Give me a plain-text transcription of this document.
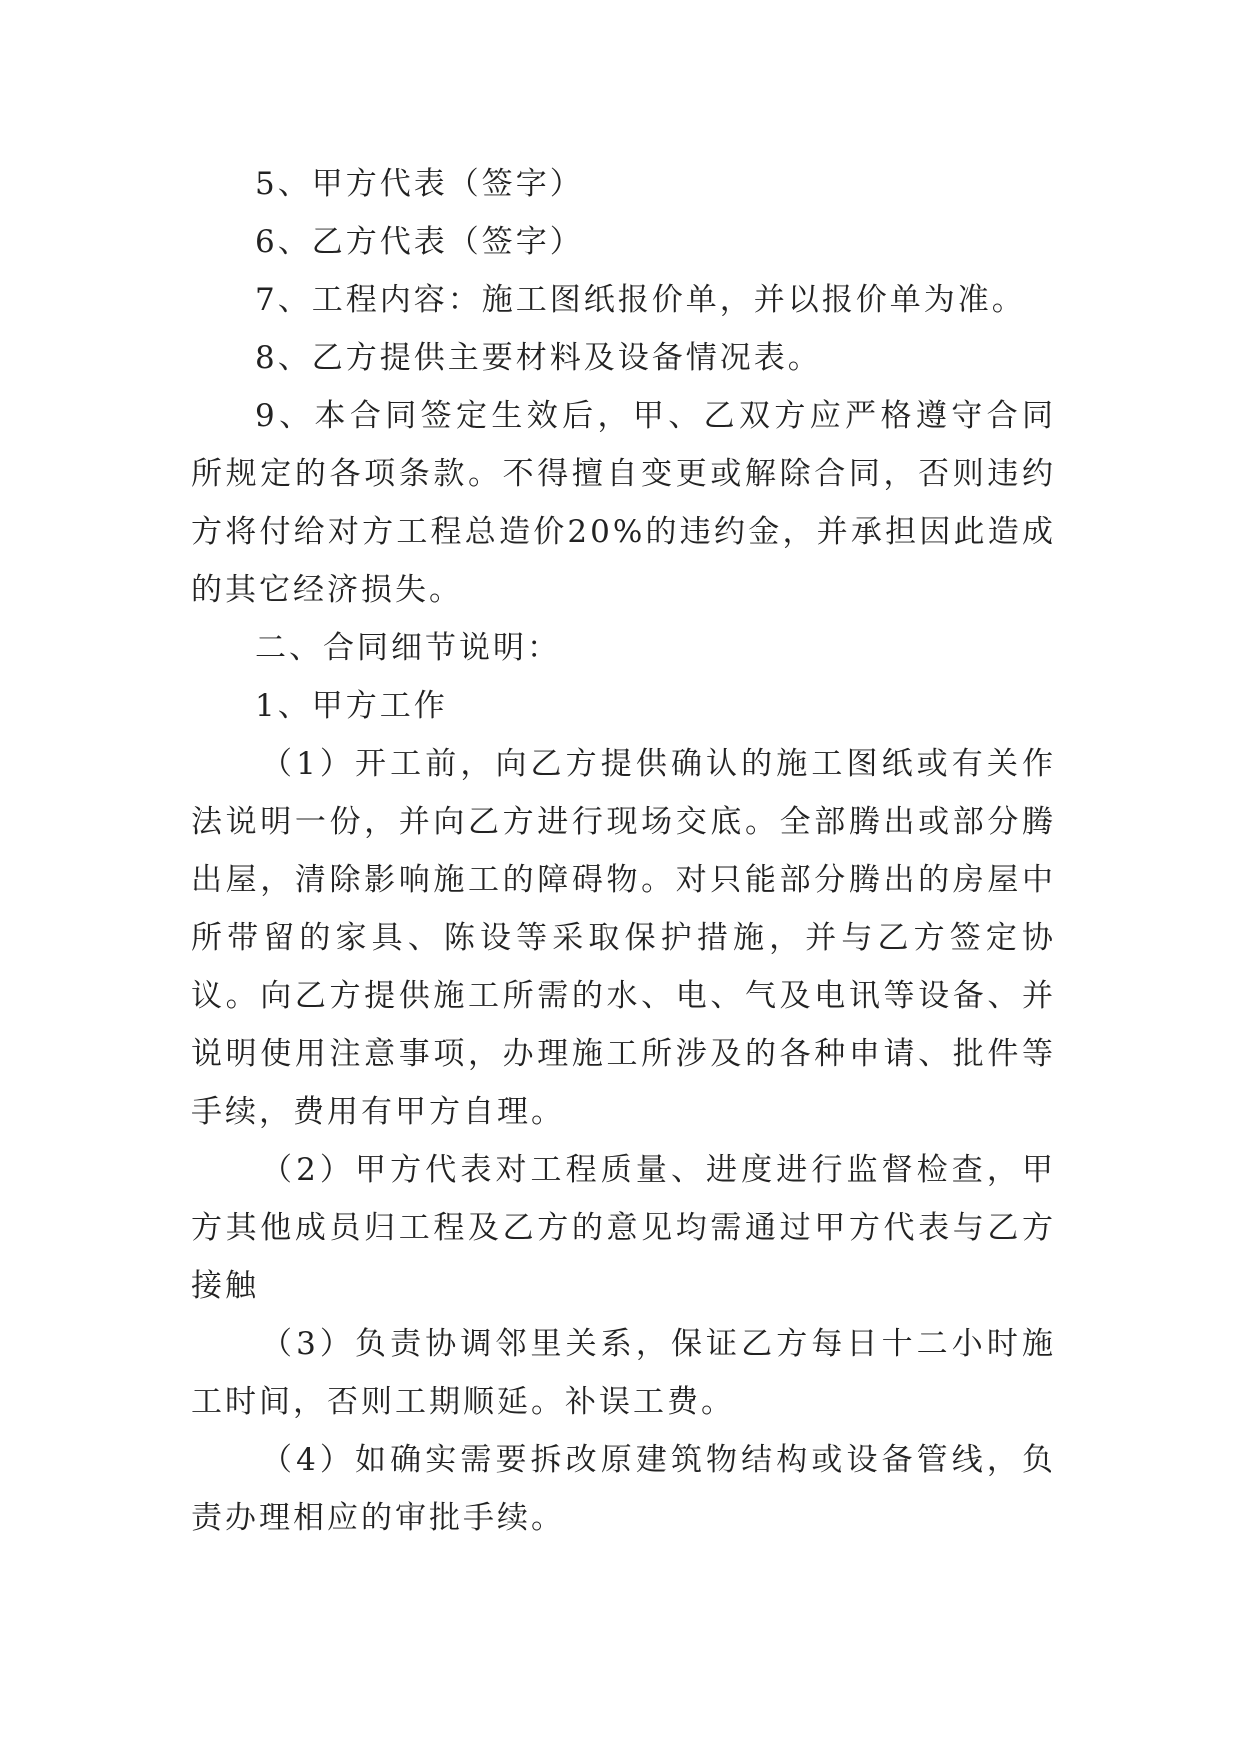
5、甲方代表（签字）

6、乙方代表（签字）

7、工程内容：施工图纸报价单，并以报价单为准。

8、乙方提供主要材料及设备情况表。

9、本合同签定生效后，甲、乙双方应严格遵守合同所规定的各项条款。不得擅自变更或解除合同，否则违约方将付给对方工程总造价20%的违约金，并承担因此造成的其它经济损失。

二、合同细节说明：

1、甲方工作

（1）开工前，向乙方提供确认的施工图纸或有关作法说明一份，并向乙方进行现场交底。全部腾出或部分腾出屋，清除影响施工的障碍物。对只能部分腾出的房屋中所带留的家具、陈设等采取保护措施，并与乙方签定协议。向乙方提供施工所需的水、电、气及电讯等设备、并说明使用注意事项，办理施工所涉及的各种申请、批件等手续，费用有甲方自理。

（2）甲方代表对工程质量、进度进行监督检查，甲方其他成员归工程及乙方的意见均需通过甲方代表与乙方接触

（3）负责协调邻里关系，保证乙方每日十二小时施工时间，否则工期顺延。补误工费。

（4）如确实需要拆改原建筑物结构或设备管线，负责办理相应的审批手续。
